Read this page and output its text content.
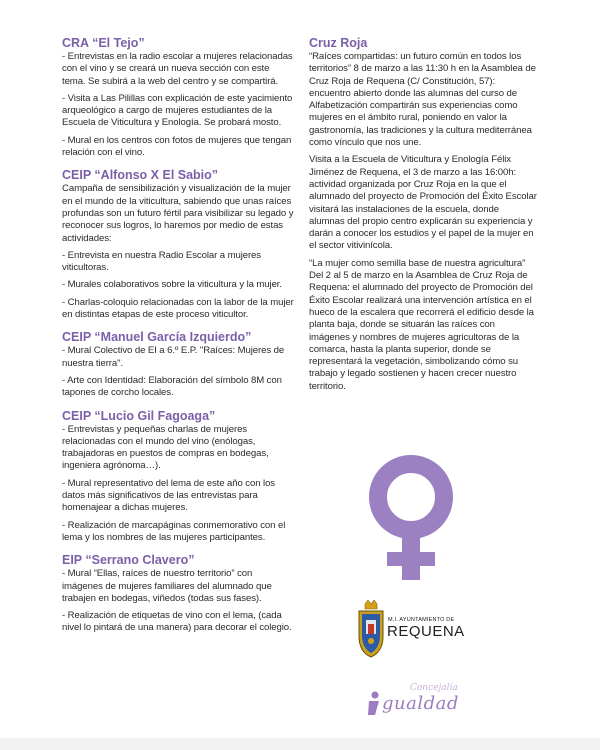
CRA “El Tejo”

- Entrevistas en la radio escolar a mujeres relacionadas con el vino y se creará un nueva sección con este tema. Se subirá a la web del centro y se compartirá.

- Visita a Las Pilillas con explicación de este yacimiento arqueológico a cargo de mujeres estudiantes de la Escuela de Viticultura y Enología. Se probará mosto.

- Mural en los centros con fotos de mujeres que tengan relación con el vino.

CEIP “Alfonso X El Sabio”

Campaña de sensibilización y visualización de la mujer en el mundo de la viticultura, sabiendo que unas raíces profundas son un futuro fértil para visibilizar su legado y reconocer sus logros, lo haremos por medio de estas actividades:

- Entrevista en nuestra Radio Escolar a mujeres viticultoras.

- Murales colaborativos sobre la viticultura y la mujer.

- Charlas-coloquio relacionadas con la labor de la mujer en distintas etapas de este proceso viticultor.

CEIP “Manuel García Izquierdo”

- Mural Colectivo de EI a 6.º E.P. "Raíces: Mujeres de nuestra tierra".

- Arte con Identidad: Elaboración del símbolo 8M con tapones de corcho locales.

CEIP “Lucio Gil Fagoaga”

- Entrevistas y pequeñas charlas de mujeres relacionadas con el mundo del vino (enólogas, trabajadoras en puestos de compras en bodegas, ingeniera agrónoma…).

- Mural representativo del lema de este año con los datos más significativos de las entrevistas para homenajear a dichas mujeres.

- Realización de marcapáginas conmemorativo con el lema y los nombres de las mujeres participantes.

EIP “Serrano Clavero”

- Mural “Ellas, raíces de nuestro territorio” con imágenes de mujeres familiares del alumnado que trabajen en bodegas, viñedos (todas sus fases).

- Realización de etiquetas de vino con el lema, (cada nivel lo pintará de una manera) para decorar el colegio.

Cruz Roja

“Raíces compartidas: un futuro común en todos los territorios” 8 de marzo a las 11:30 h en la Asamblea de Cruz Roja de Requena (C/ Constitución, 57): encuentro abierto donde las alumnas del curso de Alfabetización compartirán sus experiencias como mujeres en el ámbito rural, poniendo en valor la gastronomía, las tradiciones y la cultura mediterránea como vínculo que nos une.

Visita a la Escuela de Viticultura y Enología Félix Jiménez de Requena, el 3 de marzo a las 16:00h: actividad organizada por Cruz Roja en la que el alumnado del proyecto de Promoción del Éxito Escolar visitará las instalaciones de la escuela, donde alumnas del propio centro explicarán su experiencia y darán a conocer los estudios y el papel de la mujer en el sector vitivinícola.

“La mujer como semilla base de nuestra agricultura” Del 2 al 5 de marzo en la Asamblea de Cruz Roja de Requena: el alumnado del proyecto de Promoción del Éxito Escolar realizará una intervención artística en el hueco de la escalera que recorrerá el edificio desde la planta baja, donde se situarán las raíces con imágenes y nombres de mujeres agricultoras de la comarca, hasta la planta superior, donde se representará la vegetación, simbolizando cómo su trabajo y legado sostienen y hacen crecer nuestro territorio.

M.I. AYUNTAMIENTO DE
REQUENA
Concejalía
gualdad
